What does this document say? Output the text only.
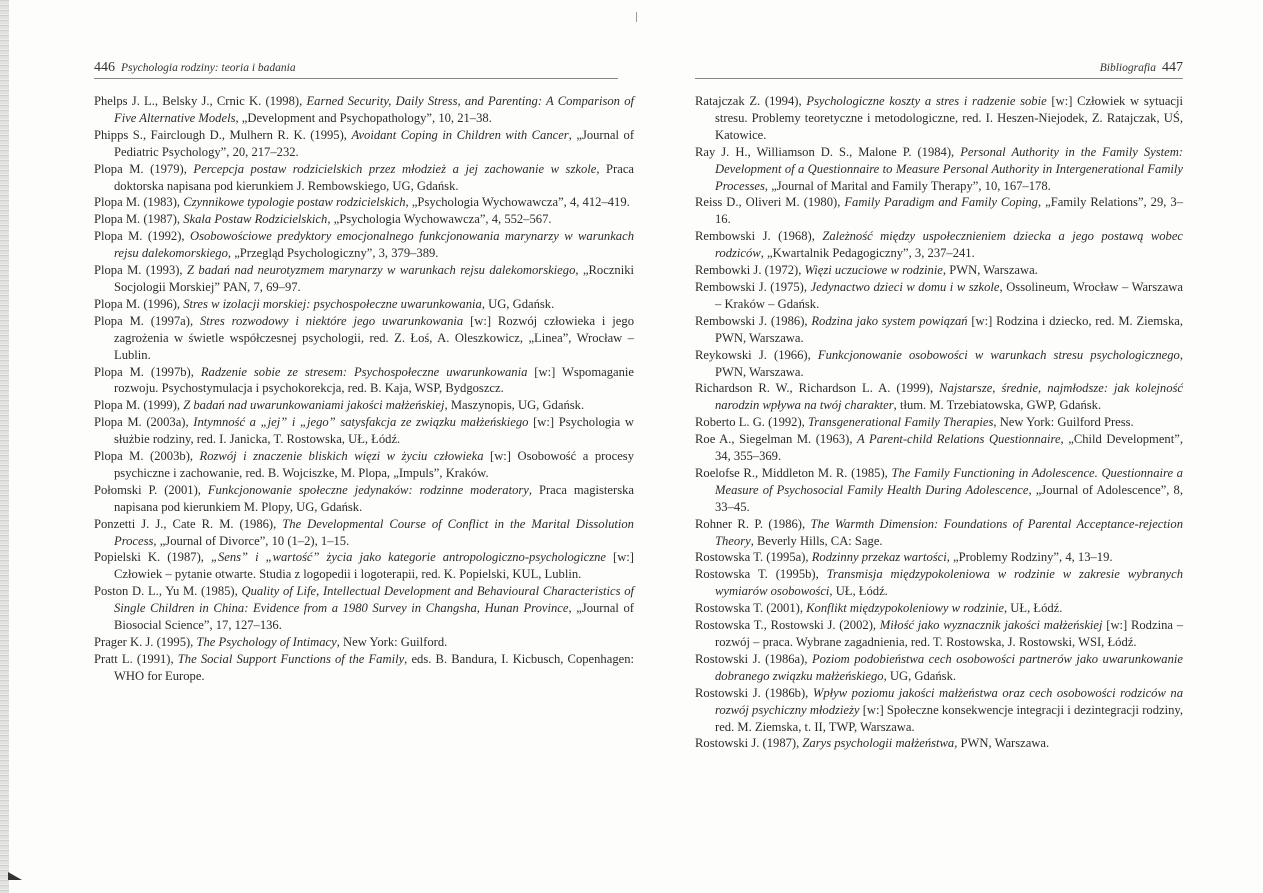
446 Psychologia rodziny: teoria i badania
Phelps J. L., Belsky J., Crnic K. (1998), Earned Security, Daily Stress, and Parenting: A Comparison of Five Alternative Models, „Development and Psychopathology”, 10, 21–38.
Phipps S., Fairclough D., Mulhern R. K. (1995), Avoidant Coping in Children with Cancer, „Journal of Pediatric Psychology”, 20, 217–232.
Plopa M. (1979), Percepcja postaw rodzicielskich przez młodzież a jej zachowanie w szkole, Praca doktorska napisana pod kierunkiem J. Rembowskiego, UG, Gdańsk.
Plopa M. (1983), Czynnikowe typologie postaw rodzicielskich, „Psychologia Wychowawcza”, 4, 412–419.
Plopa M. (1987), Skala Postaw Rodzicielskich, „Psychologia Wychowawcza”, 4, 552–567.
Plopa M. (1992), Osobowościowe predyktory emocjonalnego funkcjonowania marynarzy w warunkach rejsu dalekomorskiego, „Przegląd Psychologiczny”, 3, 379–389.
Plopa M. (1993), Z badań nad neurotyzmem marynarzy w warunkach rejsu dalekomorskiego, „Roczniki Socjologii Morskiej” PAN, 7, 69–97.
Plopa M. (1996), Stres w izolacji morskiej: psychospołeczne uwarunkowania, UG, Gdańsk.
Plopa M. (1997a), Stres rozwodowy i niektóre jego uwarunkowania [w:] Rozwój człowieka i jego zagrożenia w świetle współczesnej psychologii, red. Z. Łoś, A. Oleszkowicz, „Linea”, Wrocław – Lublin.
Plopa M. (1997b), Radzenie sobie ze stresem: Psychospołeczne uwarunkowania [w:] Wspomaganie rozwoju. Psychostymulacja i psychokorekcja, red. B. Kaja, WSP, Bydgoszcz.
Plopa M. (1999), Z badań nad uwarunkowaniami jakości małżeńskiej, Maszynopis, UG, Gdańsk.
Plopa M. (2003a), Intymność a „jej” i „jego” satysfakcja ze związku małżeńskiego [w:] Psychologia w służbie rodziny, red. I. Janicka, T. Rostowska, UŁ, Łódź.
Plopa M. (2003b), Rozwój i znaczenie bliskich więzi w życiu człowieka [w:] Osobowość a procesy psychiczne i zachowanie, red. B. Wojciszke, M. Plopa, „Impuls”, Kraków.
Połomski P. (2001), Funkcjonowanie społeczne jedynaków: rodzinne moderatory, Praca magisterska napisana pod kierunkiem M. Plopy, UG, Gdańsk.
Ponzetti J. J., Cate R. M. (1986), The Developmental Course of Conflict in the Marital Dissolution Process, „Journal of Divorce”, 10 (1–2), 1–15.
Popielski K. (1987), „Sens” i „wartość” życia jako kategorie antropologiczno-psychologiczne [w:] Człowiek – pytanie otwarte. Studia z logopedii i logoterapii, red. K. Popielski, KUL, Lublin.
Poston D. L., Yu M. (1985), Quality of Life, Intellectual Development and Behavioural Characteristics of Single Children in China: Evidence from a 1980 Survey in Changsha, Hunan Province, „Journal of Biosocial Science”, 17, 127–136.
Prager K. J. (1995), The Psychology of Intimacy, New York: Guilford.
Pratt L. (1991), The Social Support Functions of the Family, eds. B. Bandura, I. Kicbusch, Copenhagen: WHO for Europe.
Bibliografia 447
Ratajczak Z. (1994), Psychologiczne koszty a stres i radzenie sobie [w:] Człowiek w sytuacji stresu. Problemy teoretyczne i metodologiczne, red. I. Heszen-Niejodek, Z. Ratajczak, UŚ, Katowice.
Ray J. H., Williamson D. S., Malone P. (1984), Personal Authority in the Family System: Development of a Questionnaire to Measure Personal Authority in Intergenerational Family Processes, „Journal of Marital and Family Therapy”, 10, 167–178.
Reiss D., Oliveri M. (1980), Family Paradigm and Family Coping, „Family Relations”, 29, 3–16.
Rembowski J. (1968), Zależność między uspołecznieniem dziecka a jego postawą wobec rodziców, „Kwartalnik Pedagogiczny”, 3, 237–241.
Rembowki J. (1972), Więzi uczuciowe w rodzinie, PWN, Warszawa.
Rembowski J. (1975), Jedynactwo dzieci w domu i w szkole, Ossolineum, Wrocław – Warszawa – Kraków – Gdańsk.
Rembowski J. (1986), Rodzina jako system powiązań [w:] Rodzina i dziecko, red. M. Ziemska, PWN, Warszawa.
Reykowski J. (1966), Funkcjonowanie osobowości w warunkach stresu psychologicznego, PWN, Warszawa.
Richardson R. W., Richardson L. A. (1999), Najstarsze, średnie, najmłodsze: jak kolejność narodzin wpływa na twój charakter, tłum. M. Trzebiatowska, GWP, Gdańsk.
Roberto L. G. (1992), Transgenerational Family Therapies, New York: Guilford Press.
Roe A., Siegelman M. (1963), A Parent-child Relations Questionnaire, „Child Development”, 34, 355–369.
Roelofse R., Middleton M. R. (1985), The Family Functioning in Adolescence. Questionnaire a Measure of Psychosocial Family Health During Adolescence, „Journal of Adolescence”, 8, 33–45.
Rohner R. P. (1986), The Warmth Dimension: Foundations of Parental Acceptance-rejection Theory, Beverly Hills, CA: Sage.
Rostowska T. (1995a), Rodzinny przekaz wartości, „Problemy Rodziny”, 4, 13–19.
Rostowska T. (1995b), Transmisja międzypokoleniowa w rodzinie w zakresie wybranych wymiarów osobowości, UŁ, Łódź.
Rostowska T. (2001), Konflikt międzypokoleniowy w rodzinie, UŁ, Łódź.
Rostowska T., Rostowski J. (2002), Miłość jako wyznacznik jakości małżeńskiej [w:] Rodzina – rozwój – praca. Wybrane zagadnienia, red. T. Rostowska, J. Rostowski, WSI, Łódź.
Rostowski J. (1986a), Poziom podobieństwa cech osobowości partnerów jako uwarunkowanie dobranego związku małżeńskiego, UG, Gdańsk.
Rostowski J. (1986b), Wpływ poziomu jakości małżeństwa oraz cech osobowości rodziców na rozwój psychiczny młodzieży [w:] Społeczne konsekwencje integracji i dezintegracji rodziny, red. M. Ziemska, t. II, TWP, Warszawa.
Rostowski J. (1987), Zarys psychologii małżeństwa, PWN, Warszawa.
